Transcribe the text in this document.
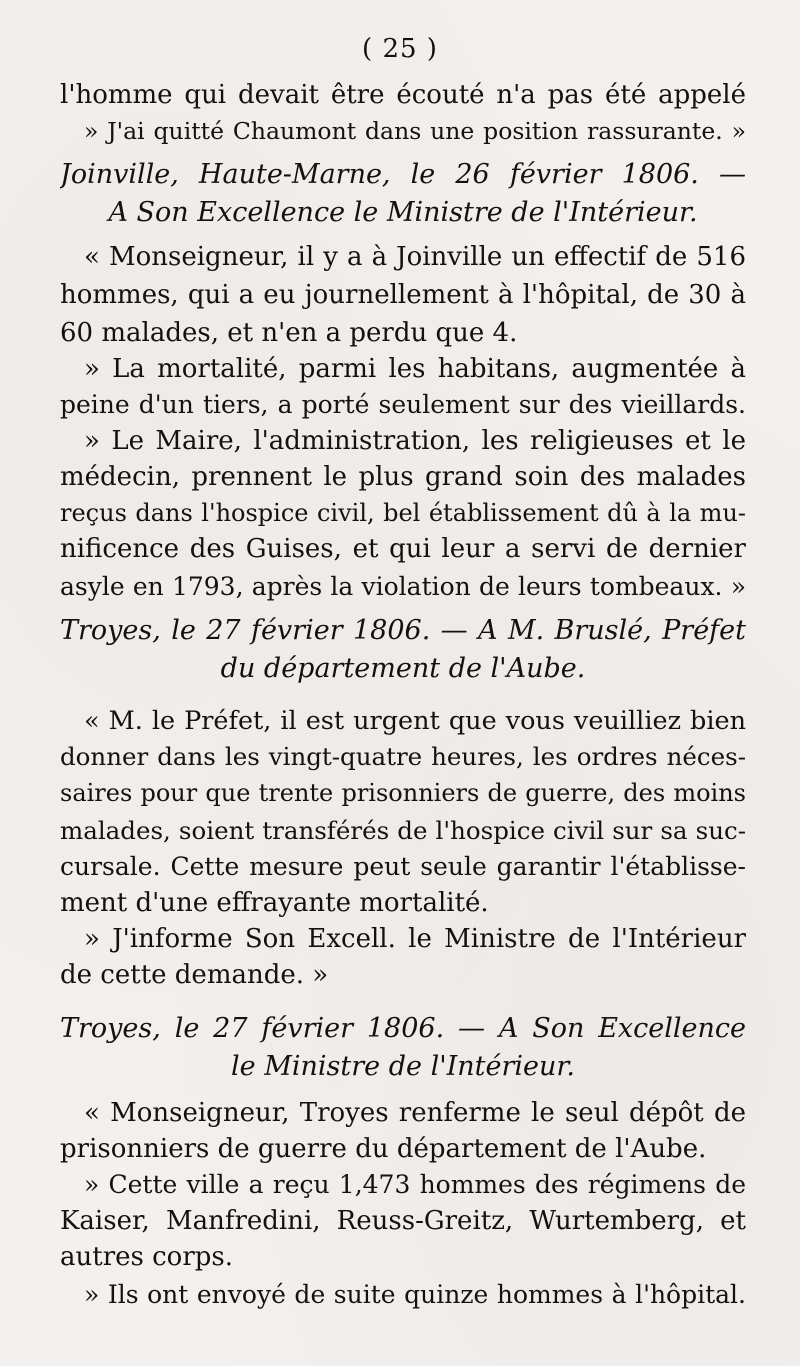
( 25 )
l'homme qui devait être écouté n'a pas été appelé
» J'ai quitté Chaumont dans une position rassurante. »
Joinville, Haute-Marne, le 26 février 1806. —
A Son Excellence le Ministre de l'Intérieur.
« Monseigneur, il y a à Joinville un effectif de 516
hommes, qui a eu journellement à l'hôpital, de 30 à
60 malades, et n'en a perdu que 4.
» La mortalité, parmi les habitans, augmentée à
peine d'un tiers, a porté seulement sur des vieillards.
» Le Maire, l'administration, les religieuses et le
médecin, prennent le plus grand soin des malades
reçus dans l'hospice civil, bel établissement dû à la mu-
nificence des Guises, et qui leur a servi de dernier
asyle en 1793, après la violation de leurs tombeaux. »
Troyes, le 27 février 1806. — A M. Bruslé, Préfet
du département de l'Aube.
« M. le Préfet, il est urgent que vous veuilliez bien
donner dans les vingt-quatre heures, les ordres néces-
saires pour que trente prisonniers de guerre, des moins
malades, soient transférés de l'hospice civil sur sa suc-
cursale. Cette mesure peut seule garantir l'établisse-
ment d'une effrayante mortalité.
» J'informe Son Excell. le Ministre de l'Intérieur
de cette demande. »
Troyes, le 27 février 1806. — A Son Excellence
le Ministre de l'Intérieur.
« Monseigneur, Troyes renferme le seul dépôt de
prisonniers de guerre du département de l'Aube.
» Cette ville a reçu 1,473 hommes des régimens de
Kaiser, Manfredini, Reuss-Greitz, Wurtemberg, et
autres corps.
» Ils ont envoyé de suite quinze hommes à l'hôpital.
